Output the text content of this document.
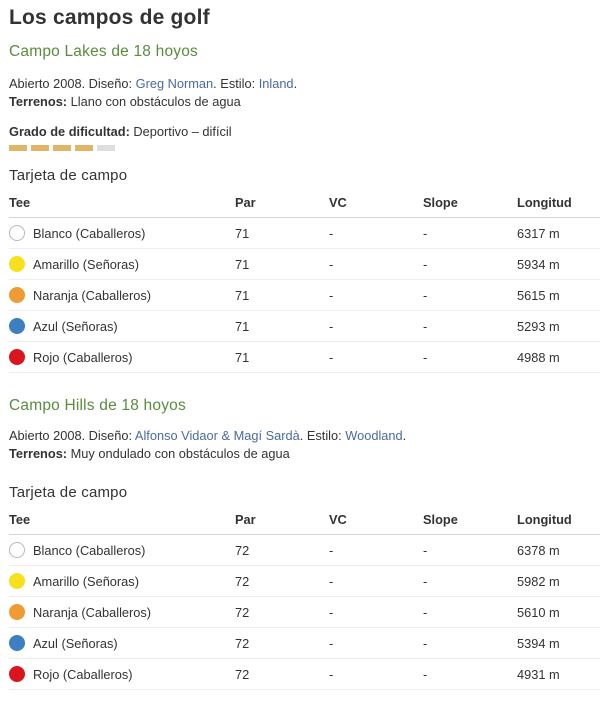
Los campos de golf
Campo Lakes de 18 hoyos
Abierto 2008. Diseño: Greg Norman. Estilo: Inland.
Terrenos: Llano con obstáculos de agua
Grado de dificultad: Deportivo – difícil
Tarjeta de campo
Tee	Par	VC	Slope	Longitud

Blanco (Caballeros)	71	-	-	6317 m

Amarillo (Señoras)	71	-	-	5934 m

Naranja (Caballeros)	71	-	-	5615 m

Azul (Señoras)	71	-	-	5293 m

Rojo (Caballeros)	71	-	-	4988 m
Campo Hills de 18 hoyos
Abierto 2008. Diseño: Alfonso Vidaor & Magí Sardà. Estilo: Woodland.
Terrenos: Muy ondulado con obstáculos de agua
Tarjeta de campo
Tee	Par	VC	Slope	Longitud

Blanco (Caballeros)	72	-	-	6378 m

Amarillo (Señoras)	72	-	-	5982 m

Naranja (Caballeros)	72	-	-	5610 m

Azul (Señoras)	72	-	-	5394 m

Rojo (Caballeros)	72	-	-	4931 m
